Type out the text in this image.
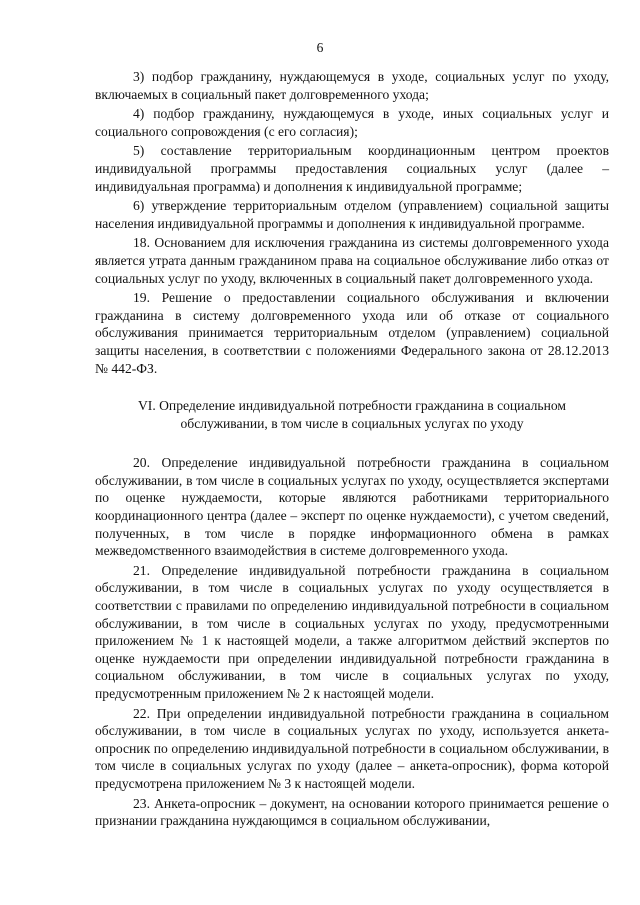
6

3) подбор гражданину, нуждающемуся в уходе, социальных услуг по уходу, включаемых в социальный пакет долговременного ухода;

4) подбор гражданину, нуждающемуся в уходе, иных социальных услуг и социального сопровождения (с его согласия);

5) составление территориальным координационным центром проектов индивидуальной программы предоставления социальных услуг (далее – индивидуальная программа) и дополнения к индивидуальной программе;

6) утверждение территориальным отделом (управлением) социальной защиты населения индивидуальной программы и дополнения к индивидуальной программе.

18. Основанием для исключения гражданина из системы долговременного ухода является утрата данным гражданином права на социальное обслуживание либо отказ от социальных услуг по уходу, включенных в социальный пакет долговременного ухода.

19. Решение о предоставлении социального обслуживания и включении гражданина в систему долговременного ухода или об отказе от социального обслуживания принимается территориальным отделом (управлением) социальной защиты населения, в соответствии с положениями Федерального закона от 28.12.2013 № 442-ФЗ.

VI. Определение индивидуальной потребности гражданина в социальном обслуживании, в том числе в социальных услугах по уходу

20. Определение индивидуальной потребности гражданина в социальном обслуживании, в том числе в социальных услугах по уходу, осуществляется экспертами по оценке нуждаемости, которые являются работниками территориального координационного центра (далее – эксперт по оценке нуждаемости), с учетом сведений, полученных, в том числе в порядке информационного обмена в рамках межведомственного взаимодействия в системе долговременного ухода.

21. Определение индивидуальной потребности гражданина в социальном обслуживании, в том числе в социальных услугах по уходу осуществляется в соответствии с правилами по определению индивидуальной потребности в социальном обслуживании, в том числе в социальных услугах по уходу, предусмотренными приложением № 1 к настоящей модели, а также алгоритмом действий экспертов по оценке нуждаемости при определении индивидуальной потребности гражданина в социальном обслуживании, в том числе в социальных услугах по уходу, предусмотренным приложением № 2 к настоящей модели.

22. При определении индивидуальной потребности гражданина в социальном обслуживании, в том числе в социальных услугах по уходу, используется анкета-опросник по определению индивидуальной потребности в социальном обслуживании, в том числе в социальных услугах по уходу (далее – анкета-опросник), форма которой предусмотрена приложением № 3 к настоящей модели.

23. Анкета-опросник – документ, на основании которого принимается решение о признании гражданина нуждающимся в социальном обслуживании,
